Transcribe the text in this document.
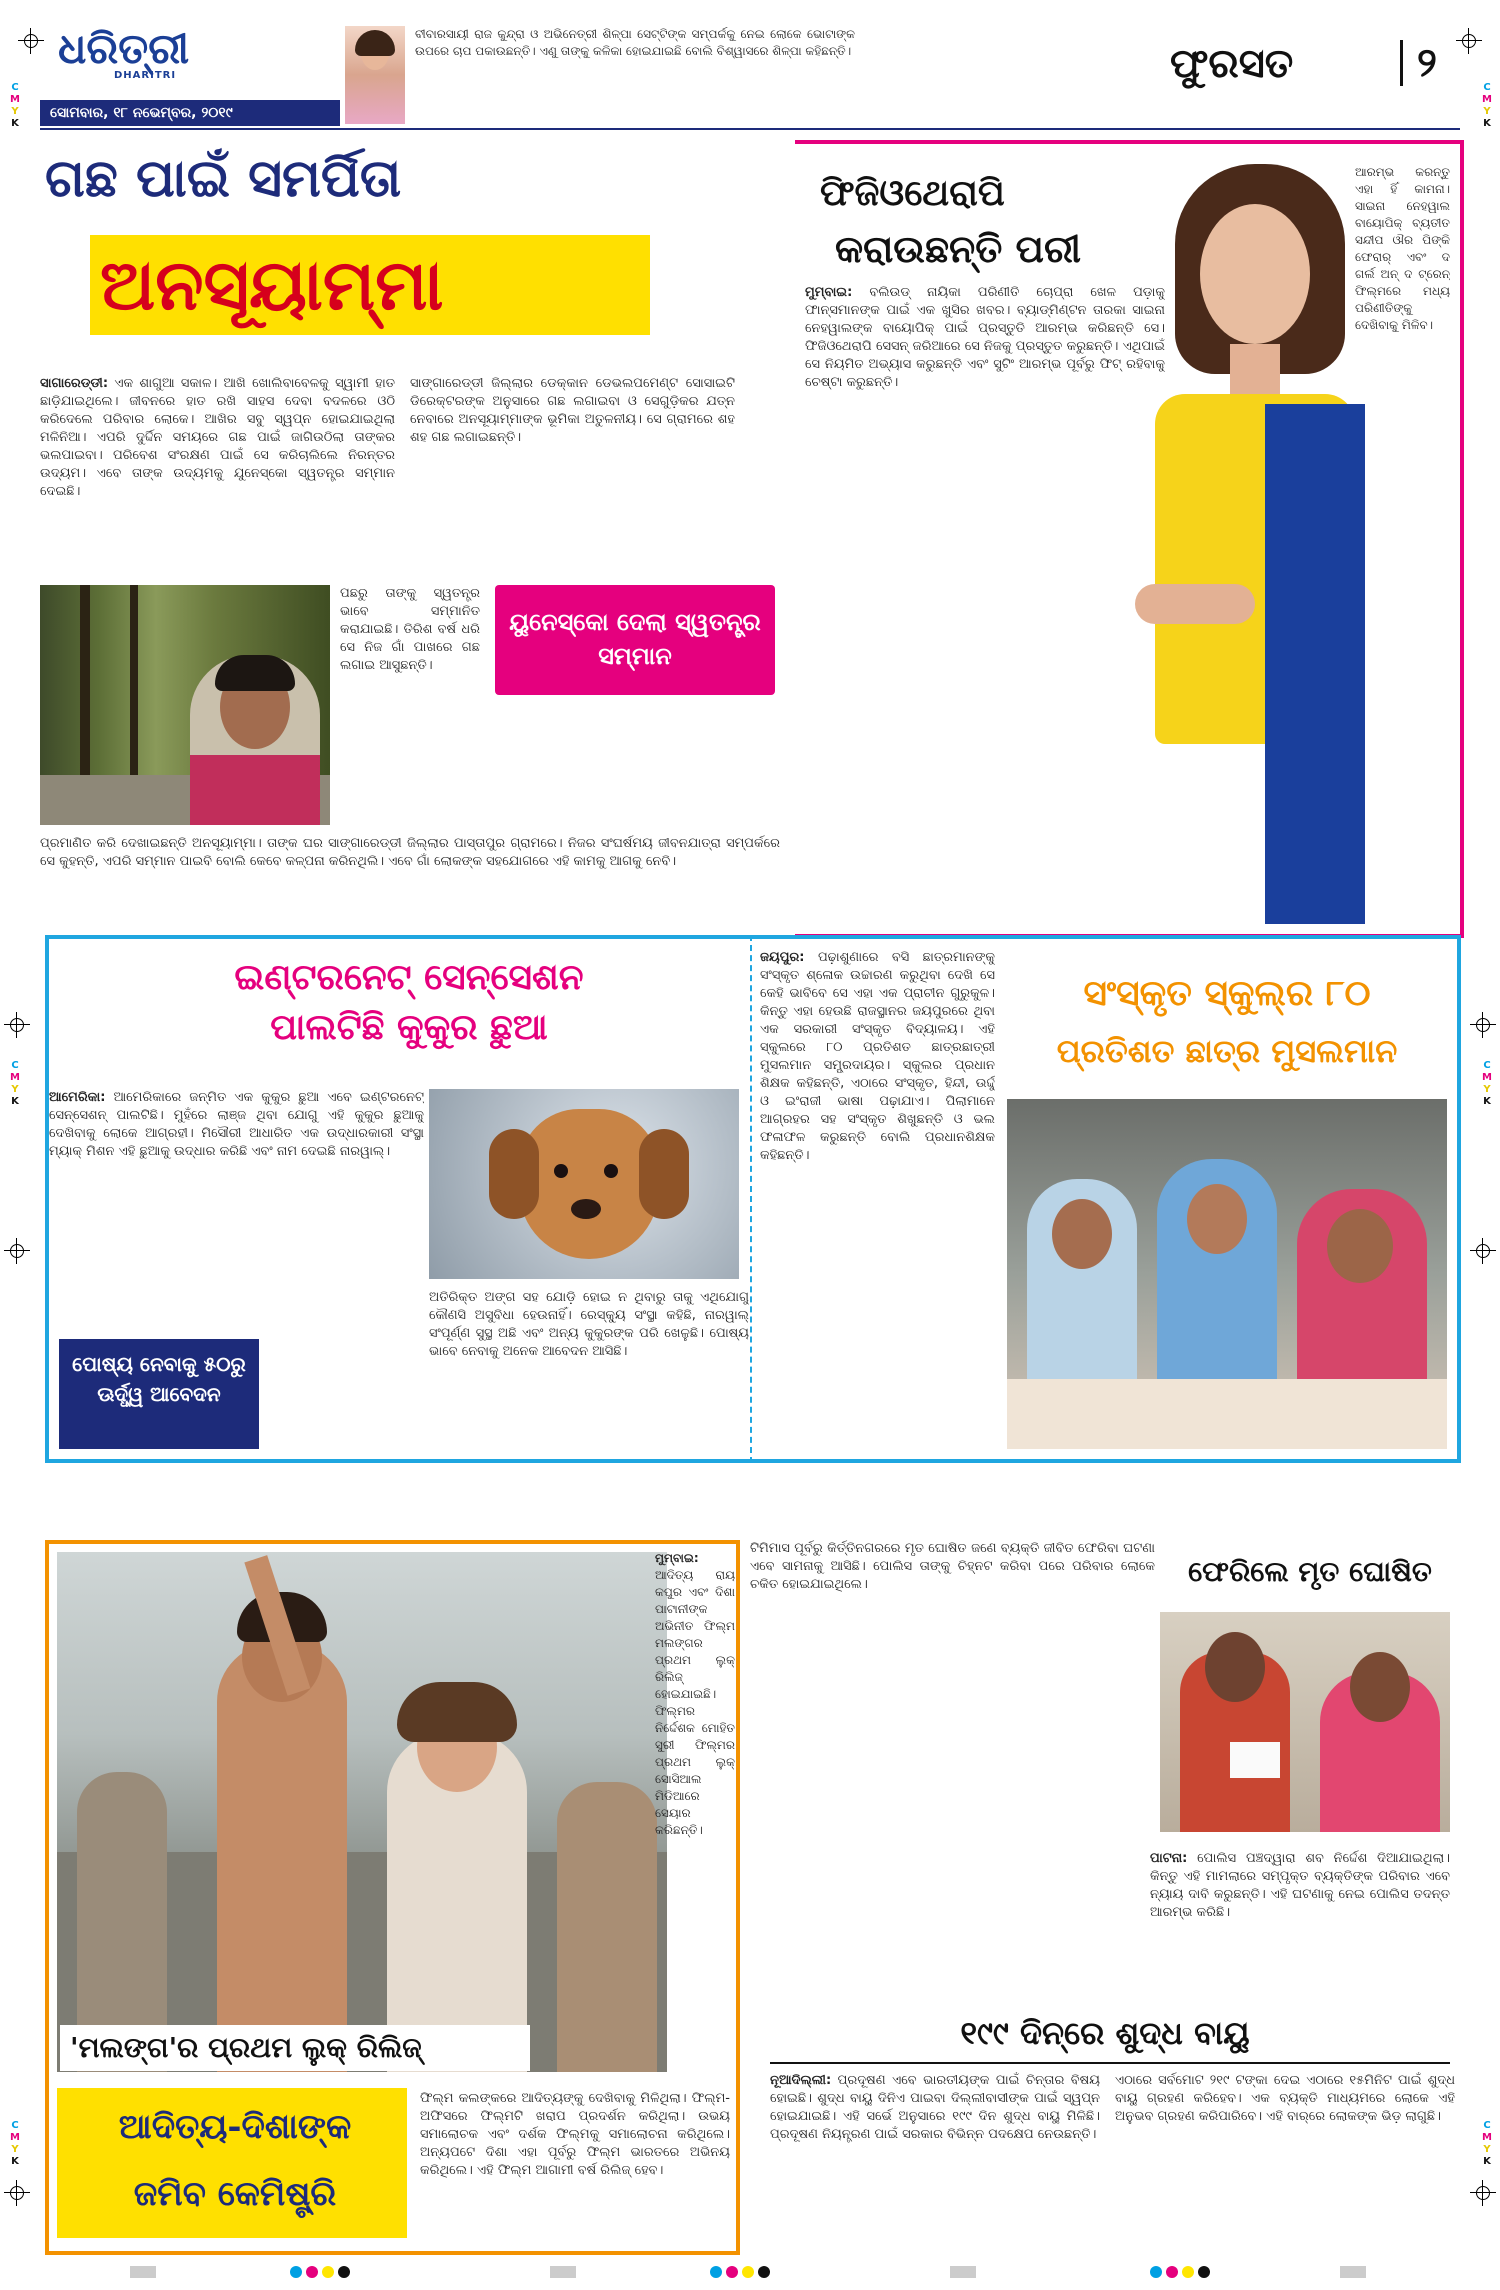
C
M
Y
K
C
M
Y
K
C
M
Y
K
C
M
Y
K
C
M
Y
K
C
M
Y
K
ଧରିତ୍ରୀ
DHARITRI
ସୋମବାର, ୧୮ ନଭେମ୍ବର, ୨୦୧୯
ବୀବାରସାୟୀ ରାଜ କୁନ୍ଦ୍ରା ଓ ଅଭିନେତ୍ରୀ ଶିଳ୍ପା ସେଟ୍ଟିଙ୍କ ସମ୍ପର୍କକୁ ନେଇ ଲୋକେ ଭୋଟାଙ୍କ ଉପରେ ଚାପ ପକାଉଛନ୍ତି। ଏଣୁ ତାଙ୍କୁ କଳିକା ହୋଇଯାଇଛି ବୋଲି ବିଶ୍ୱାସରେ ଶିଳ୍ପା କହିଛନ୍ତି।	ଫୁରସତ	୨
ଗଛ ପାଇଁ ସମର୍ପିତା
ଅନସୂୟାମ୍ମା
ସାଗାରେଡ୍ଡୀ: ଏକ ଶାଗୁଆ ସକାଳ। ଆଖି ଖୋଲିବାବେଳକୁ ସ୍ୱାମୀ ହାତ ଛାଡ଼ିଯାଇଥିଲେ। ଜୀବନରେ ହାତ ରଖି ସାହସ ଦେବା ବଦଳରେ ଓଠି କରିଦେଲେ ପରିବାର ଲୋକେ। ଆଖିର ସବୁ ସ୍ୱପ୍ନ ହୋଇଯାଇଥିଲା ମଳିନିଆ। ଏପରି ଦୁର୍ଦ୍ଦିନ ସମୟରେ ଗଛ ପାଇଁ ଜାଗିଉଠିଲା ତାଙ୍କର ଭଲପାଇବା। ପରିବେଶ ସଂରକ୍ଷଣ ପାଇଁ ସେ କରିଚାଲିଲେ ନିରନ୍ତର ଉଦ୍ୟମ। ଏବେ ତାଙ୍କ ଉଦ୍ୟମକୁ ଯୁନେସ୍କୋ ସ୍ୱତନ୍ତ୍ର ସମ୍ମାନ ଦେଇଛି।
ସାଙ୍ଗାରେଡ୍ଡୀ ଜିଲ୍ଲାର ଡେକ୍କାନ ଡେଭଲପମେଣ୍ଟ ସୋସାଇଟି ଡିରେକ୍ଟରଙ୍କ ଅନୁସାରେ ଗଛ ଲଗାଇବା ଓ ସେଗୁଡ଼ିକର ଯତ୍ନ ନେବାରେ ଅନସୂୟାମ୍ମାଙ୍କ ଭୂମିକା ଅତୁଳନୀୟ। ସେ ଗ୍ରାମରେ ଶହ ଶହ ଗଛ ଲଗାଇଛନ୍ତି।
ପଛରୁ ତାଙ୍କୁ ସ୍ୱତନ୍ତ୍ର ଭାବେ ସମ୍ମାନିତ କରାଯାଇଛି। ତିରିଶ ବର୍ଷ ଧରି ସେ ନିଜ ଗାଁ ପାଖରେ ଗଛ ଲଗାଇ ଆସୁଛନ୍ତି।
ୟୁନେସ୍କୋ ଦେଲା ସ୍ୱତନ୍ତ୍ର ସମ୍ମାନ
ପ୍ରମାଣିତ କରି ଦେଖାଇଛନ୍ତି ଅନସୂୟାମ୍ମା। ତାଙ୍କ ଘର ସାଙ୍ଗାରେଡ୍ଡୀ ଜିଲ୍ଲାର ପାସ୍ତାପୁର ଗ୍ରାମରେ। ନିଜର ସଂଘର୍ଷମୟ ଜୀବନଯାତ୍ରା ସମ୍ପର୍କରେ ସେ କୁହନ୍ତି, ଏପରି ସମ୍ମାନ ପାଇବି ବୋଲି କେବେ କଳ୍ପନା କରିନଥିଲି। ଏବେ ଗାଁ ଲୋକଙ୍କ ସହଯୋଗରେ ଏହି କାମକୁ ଆଗକୁ ନେବି।
ଫିଜିଓଥେରାପି
କରାଉଛନ୍ତି ପରୀ
ମୁମ୍ବାଇ: ବଲିଉଡ୍ ନାୟିକା ପରିଣୀତି ଚୋପ୍ରା ଖେଳ ପଡ଼ାକୁ ଫାନ୍ସମାନଙ୍କ ପାଇଁ ଏକ ଖୁସିର ଖବର। ବ୍ୟାଡ୍‌ମିଣ୍ଟନ ତାରକା ସାଇନା ନେହୱାଲଙ୍କ ବାୟୋପିକ୍ ପାଇଁ ପ୍ରସ୍ତୁତି ଆରମ୍ଭ କରିଛନ୍ତି ସେ। ଫିଜିଓଥେରାପି ସେସନ୍ ଜରିଆରେ ସେ ନିଜକୁ ପ୍ରସ୍ତୁତ କରୁଛନ୍ତି। ଏଥିପାଇଁ ସେ ନିୟମିତ ଅଭ୍ୟାସ କରୁଛନ୍ତି ଏବଂ ସୁଟିଂ ଆରମ୍ଭ ପୂର୍ବରୁ ଫିଟ୍ ରହିବାକୁ ଚେଷ୍ଟା କରୁଛନ୍ତି।
ଆରମ୍ଭ କରନ୍ତୁ ଏହା ହିଁ କାମନା। ସାଇନା ନେହୱାଲ ବାୟୋପିକ୍ ବ୍ୟତୀତ ସନ୍ଦୀପ ଔର ପିଙ୍କି ଫେରାର୍ ଏବଂ ଦ ଗର୍ଲ ଅନ୍ ଦ ଟ୍ରେନ୍ ଫିଲ୍ମରେ ମଧ୍ୟ ପରିଣୀତିଙ୍କୁ ଦେଖିବାକୁ ମିଳିବ।
ଇଣ୍ଟରନେଟ୍ ସେନ୍‌ସେଶନ
ପାଲଟିଛି କୁକୁର ଛୁଆ
ଆମେରିକା: ଆମେରିକାରେ ଜନ୍ମିତ ଏକ କୁକୁର ଛୁଆ ଏବେ ଇଣ୍ଟରନେଟ୍ ସେନ୍‌ସେଶନ୍ ପାଲଟିଛି। ମୁହଁରେ ଲାଞ୍ଜ ଥିବା ଯୋଗୁ ଏହି କୁକୁର ଛୁଆକୁ ଦେଖିବାକୁ ଲୋକେ ଆଗ୍ରହୀ। ମିସୌରୀ ଆଧାରିତ ଏକ ଉଦ୍ଧାରକାରୀ ସଂସ୍ଥା ମ୍ୟାକ୍ ମିଶନ ଏହି ଛୁଆକୁ ଉଦ୍ଧାର କରିଛି ଏବଂ ନାମ ଦେଇଛି ନାରୱାଲ୍।
ଅତିରିକ୍ତ ଅଙ୍ଗ ସହ ଯୋଡ଼ି ହୋଇ ନ ଥିବାରୁ ତାକୁ ଏଥିଯୋଗୁ କୌଣସି ଅସୁବିଧା ହେଉନାହିଁ। ରେସ୍କ୍ୟୁ ସଂସ୍ଥା କହିଛି, ନାରୱାଲ୍ ସଂପୂର୍ଣ୍ଣ ସୁସ୍ଥ ଅଛି ଏବଂ ଅନ୍ୟ କୁକୁରଙ୍କ ପରି ଖେଳୁଛି। ପୋଷ୍ୟ ଭାବେ ନେବାକୁ ଅନେକ ଆବେଦନ ଆସିଛି।
ପୋଷ୍ୟ ନେବାକୁ ୫୦ରୁ ଊର୍ଦ୍ଧ୍ୱ ଆବେଦନ
ଜୟପୁର: ପଢ଼ାଶୁଣାରେ ବସି ଛାତ୍ରମାନଙ୍କୁ ସଂସ୍କୃତ ଶ୍ଳୋକ ଉଚ୍ଚାରଣ କରୁଥିବା ଦେଖି ସେ କେହି ଭାବିବେ ସେ ଏହା ଏକ ପ୍ରାଚୀନ ଗୁରୁକୁଳ। କିନ୍ତୁ ଏହା ହେଉଛି ରାଜସ୍ଥାନର ଜୟପୁରରେ ଥିବା ଏକ ସରକାରୀ ସଂସ୍କୃତ ବିଦ୍ୟାଳୟ। ଏହି ସ୍କୁଲରେ ୮୦ ପ୍ରତିଶତ ଛାତ୍ରଛାତ୍ରୀ ମୁସଲମାନ ସମ୍ପ୍ରଦାୟର। ସ୍କୁଲର ପ୍ରଧାନ ଶିକ୍ଷକ କହିଛନ୍ତି, ଏଠାରେ ସଂସ୍କୃତ, ହିନ୍ଦୀ, ଉର୍ଦ୍ଦୁ ଓ ଇଂରାଜୀ ଭାଷା ପଢ଼ାଯାଏ। ପିଲାମାନେ ଆଗ୍ରହର ସହ ସଂସ୍କୃତ ଶିଖୁଛନ୍ତି ଓ ଭଲ ଫଳାଫଳ କରୁଛନ୍ତି ବୋଲି ପ୍ରଧାନଶିକ୍ଷକ କହିଛନ୍ତି।
ସଂସ୍କୃତ ସ୍କୁଲ୍‌ର ୮୦
ପ୍ରତିଶତ ଛାତ୍ର ମୁସଲମାନ
'ମଲଙ୍ଗ'ର ପ୍ରଥମ ଲୁକ୍ ରିଲିଜ୍
ଆଦିତ୍ୟ-ଦିଶାଙ୍କ
ଜମିବ କେମିଷ୍ଟ୍ରି
ମୁମ୍ବାଇ: ଆଦିତ୍ୟ ରାୟ କପୁର ଏବଂ ଦିଶା ପାଟାନୀଙ୍କ ଅଭିନୀତ ଫିଲ୍ମ ମଲଙ୍ଗର ପ୍ରଥମ ଲୁକ୍ ରିଲିଜ୍ ହୋଇଯାଇଛି। ଫିଲ୍ମର ନିର୍ଦ୍ଦେଶକ ମୋହିତ ସୁରୀ ଫିଲ୍ମର ପ୍ରଥମ ଲୁକ୍ ସୋସିଆଲ ମିଡିଆରେ ସେୟାର କରିଛନ୍ତି।
ଫିଲ୍ମ କଲଙ୍କରେ ଆଦିତ୍ୟଙ୍କୁ ଦେଖିବାକୁ ମିଳିଥିଲା। ଫିଲ୍ମ-ଅଫିସରେ ଫିଲ୍ମଟି ଖରାପ ପ୍ରଦର୍ଶନ କରିଥିଲା। ଉଭୟ ସମାଲୋଚକ ଏବଂ ଦର୍ଶକ ଫିଲ୍ମକୁ ସମାଲୋଚନା କରିଥିଲେ। ଅନ୍ୟପଟେ ଦିଶା ଏହା ପୂର୍ବରୁ ଫିଲ୍ମ ଭାରତରେ ଅଭିନୟ କରିଥିଲେ। ଏହି ଫିଲ୍ମ ଆଗାମୀ ବର୍ଷ ରିଲିଜ୍ ହେବ।
ଟିମିମାସ ପୂର୍ବରୁ କିର୍ତ୍ତିନଗରରେ ମୃତ ଘୋଷିତ ଜଣେ ବ୍ୟକ୍ତି ଜୀବିତ ଫେରିବା ଘଟଣା ଏବେ ସାମନାକୁ ଆସିଛି। ପୋଲିସ ତାଙ୍କୁ ଚିହ୍ନଟ କରିବା ପରେ ପରିବାର ଲୋକେ ଚକିତ ହୋଇଯାଇଥିଲେ।	ଫେରିଲେ ମୃତ ଘୋଷିତ
ପାଟନା: ପୋଲିସ ପଞ୍ଚଦ୍ୱାରା ଶବ ନିର୍ଦ୍ଦେଶ ଦିଆଯାଇଥିଲା। କିନ୍ତୁ ଏହି ମାମଲାରେ ସମ୍ପୃକ୍ତ ବ୍ୟକ୍ତିଙ୍କ ପରିବାର ଏବେ ନ୍ୟାୟ ଦାବି କରୁଛନ୍ତି। ଏହି ଘଟଣାକୁ ନେଇ ପୋଲିସ ତଦନ୍ତ ଆରମ୍ଭ କରିଛି।
୧୯୯ ଦିନ୍‌ରେ ଶୁଦ୍ଧ ବାୟୁ
ନୂଆଦିଲ୍ଲୀ: ପ୍ରଦୂଷଣ ଏବେ ଭାରତୀୟଙ୍କ ପାଇଁ ଚିନ୍ତାର ବିଷୟ ହୋଇଛି। ଶୁଦ୍ଧ ବାୟୁ ଦିନିଏ ପାଇବା ଦିଲ୍ଲୀବାସୀଙ୍କ ପାଇଁ ସ୍ୱପ୍ନ ହୋଇଯାଇଛି। ଏହି ସର୍ଭେ ଅନୁସାରେ ୧୯୯ ଦିନ ଶୁଦ୍ଧ ବାୟୁ ମିଳିଛି। ପ୍ରଦୂଷଣ ନିୟନ୍ତ୍ରଣ ପାଇଁ ସରକାର ବିଭିନ୍ନ ପଦକ୍ଷେପ ନେଉଛନ୍ତି।
ଏଠାରେ ସର୍ବମୋଟ ୨୧୯ ଟଙ୍କା ଦେଇ ଏଠାରେ ୧୫ମିନିଟ ପାଇଁ ଶୁଦ୍ଧ ବାୟୁ ଗ୍ରହଣ କରିହେବ। ଏକ ବ୍ୟକ୍ତି ମାଧ୍ୟମରେ ଲୋକେ ଏହି ଅନୁଭବ ଗ୍ରହଣ କରିପାରିବେ। ଏହି ବାର୍‌ରେ ଲୋକଙ୍କ ଭିଡ଼ ଲାଗୁଛି।
